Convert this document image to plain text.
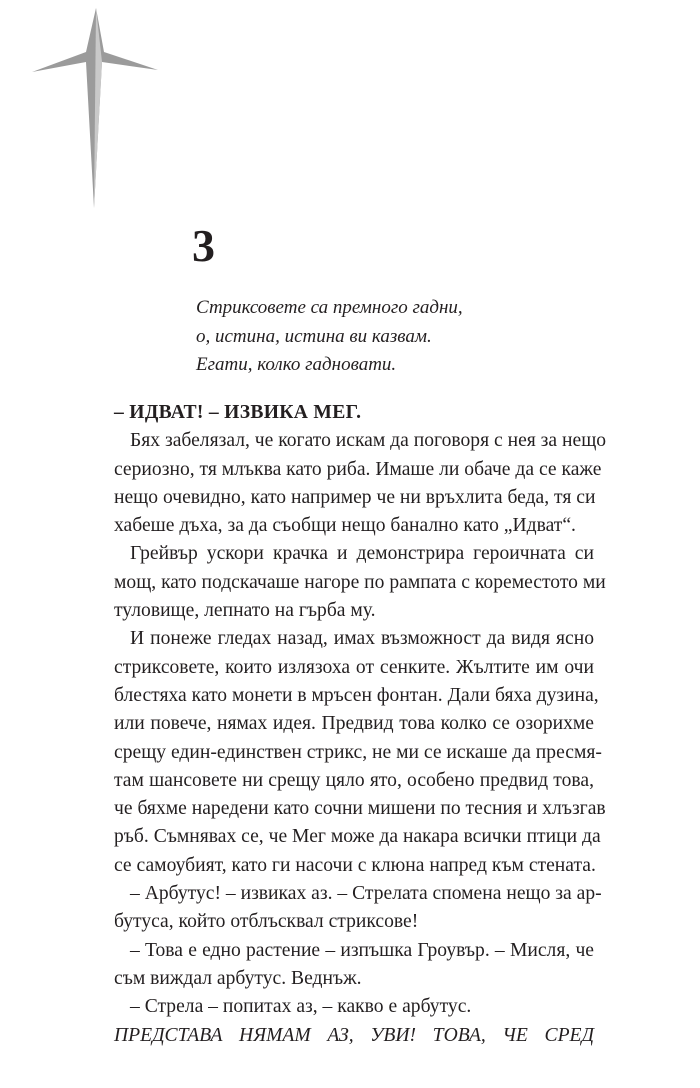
3
Стриксовете са премного гадни,
о, истина, истина ви казвам.
Егати, колко гадновати.
– ИДВАТ! – ИЗВИКА МЕГ.
Бях забелязал, че когато искам да поговоря с нея за нещо
сериозно, тя млъква като риба. Имаше ли обаче да се каже
нещо очевидно, като например че ни връхлита беда, тя си
хабеше дъха, за да съобщи нещо банално като „Идват“.
Грейвър ускори крачка и демонстрира героичната си
мощ, като подскачаше нагоре по рампата с кореместото ми
туловище, лепнато на гърба му.
И понеже гледах назад, имах възможност да видя ясно
стриксовете, които излязоха от сенките. Жълтите им очи
блестяха като монети в мръсен фонтан. Дали бяха дузина,
или повече, нямах идея. Предвид това колко се озорихме
срещу един-единствен стрикс, не ми се искаше да пресмя-
там шансовете ни срещу цяло ято, особено предвид това,
че бяхме наредени като сочни мишени по тесния и хлъзгав
ръб. Съмнявах се, че Мег може да накара всички птици да
се самоубият, като ги насочи с клюна напред към стената.
– Арбутус! – извиках аз. – Стрелата спомена нещо за ар-
бутуса, който отблъсквал стриксове!
– Това е едно растение – изпъшка Гроувър. – Мисля, че
съм виждал арбутус. Веднъж.
– Стрела – попитах аз, – какво е арбутус.
ПРЕДСТАВА НЯМАМ АЗ, УВИ! ТОВА, ЧЕ СРЕД
